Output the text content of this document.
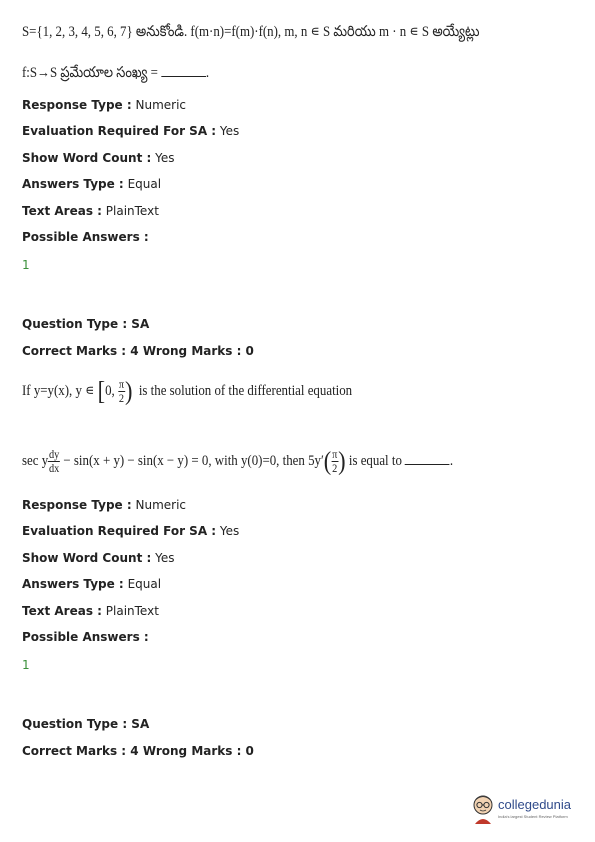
S={1, 2, 3, 4, 5, 6, 7} అనుకోండి. f(m·n)=f(m)·f(n), m, n ∊ S మరియు m · n ∊ S అయ్యేట్లు
f:S→S ప్రమేయాల సంఖ్య =	.
Response Type : Numeric
Evaluation Required For SA : Yes
Show Word Count : Yes
Answers Type : Equal
Text Areas : PlainText
Possible Answers :
1
Question Type : SA
Correct Marks : 4 Wrong Marks : 0
If y=y(x), y ∊ [0, $\frac{\pi}{2}$ ) is the solution of the differential equation
sec y $\frac{dy}{dx} - \sin(x + y) - \sin(x - y) = 0$, with y(0)=0, then $5y'( \frac{\pi}{2}$ ) is equal to	.
Response Type : Numeric
Evaluation Required For SA : Yes
Show Word Count : Yes
Answers Type : Equal
Text Areas : PlainText
Possible Answers :
1
Question Type : SA
Correct Marks : 4 Wrong Marks : 0
collegedunia
India's largest Student Review Platform
